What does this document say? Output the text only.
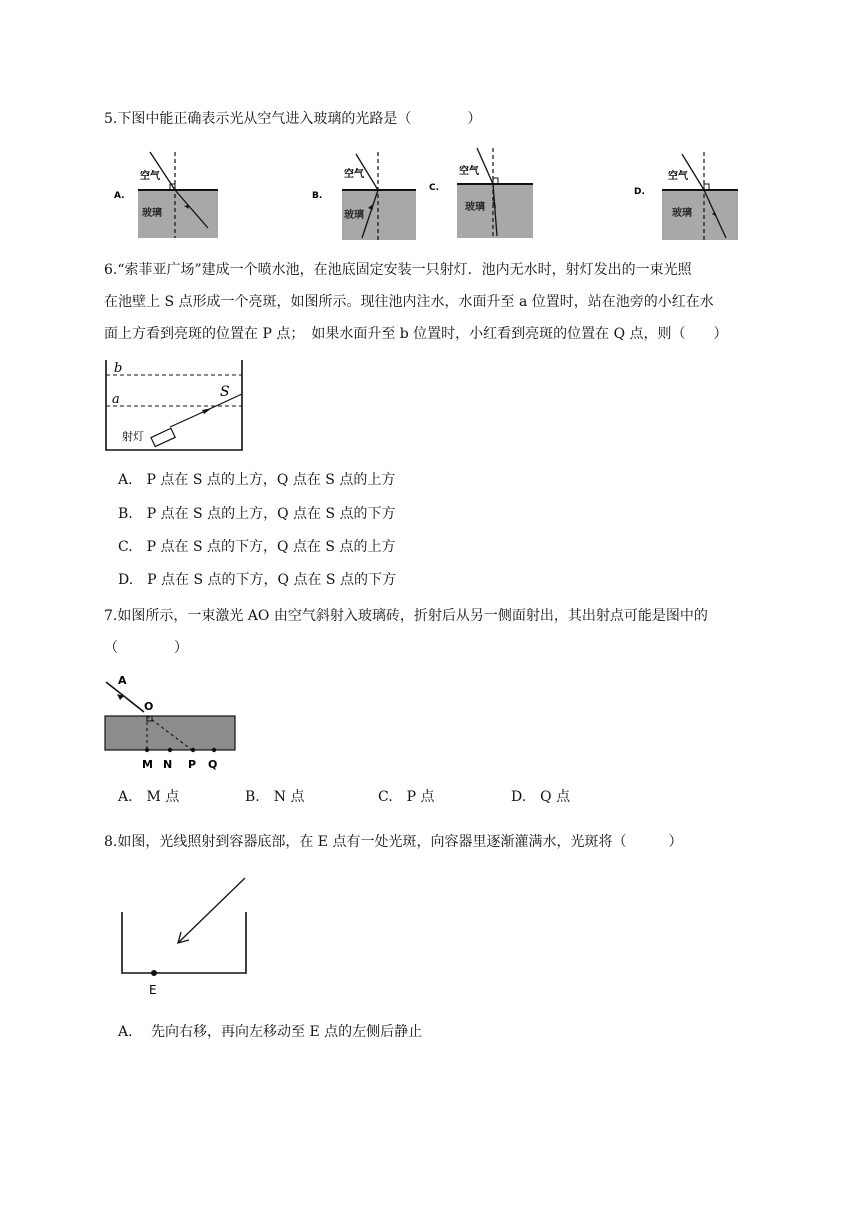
5.下图中能正确表示光从空气进入玻璃的光路是（　　　　）
空气
玻璃
A.
空气
玻璃
B.
空气
玻璃
C.
空气
玻璃
D.
6.“索菲亚广场”建成一个喷水池，在池底固定安装一只射灯．池内无水时，射灯发出的一束光照
在池壁上 S 点形成一个亮斑，如图所示。现往池内注水，水面升至 a 位置时，站在池旁的小红在水
面上方看到亮斑的位置在 P 点；　如果水面升至 b 位置时，小红看到亮斑的位置在 Q 点，则（　　）
b
a	S
射灯
A.　P 点在 S 点的上方，Q 点在 S 点的上方
B.　P 点在 S 点的上方，Q 点在 S 点的下方
C.　P 点在 S 点的下方，Q 点在 S 点的上方
D.　P 点在 S 点的下方，Q 点在 S 点的下方
7.如图所示，一束激光 AO 由空气斜射入玻璃砖，折射后从另一侧面射出，其出射点可能是图中的
（　　　　）
A
O
M N P Q
A.　M 点	B.　N 点	C.　P 点	D.　Q 点
8.如图，光线照射到容器底部，在 E 点有一处光斑，向容器里逐渐灌满水，光斑将（　　　）
E
A.　 先向右移，再向左移动至 E 点的左侧后静止
